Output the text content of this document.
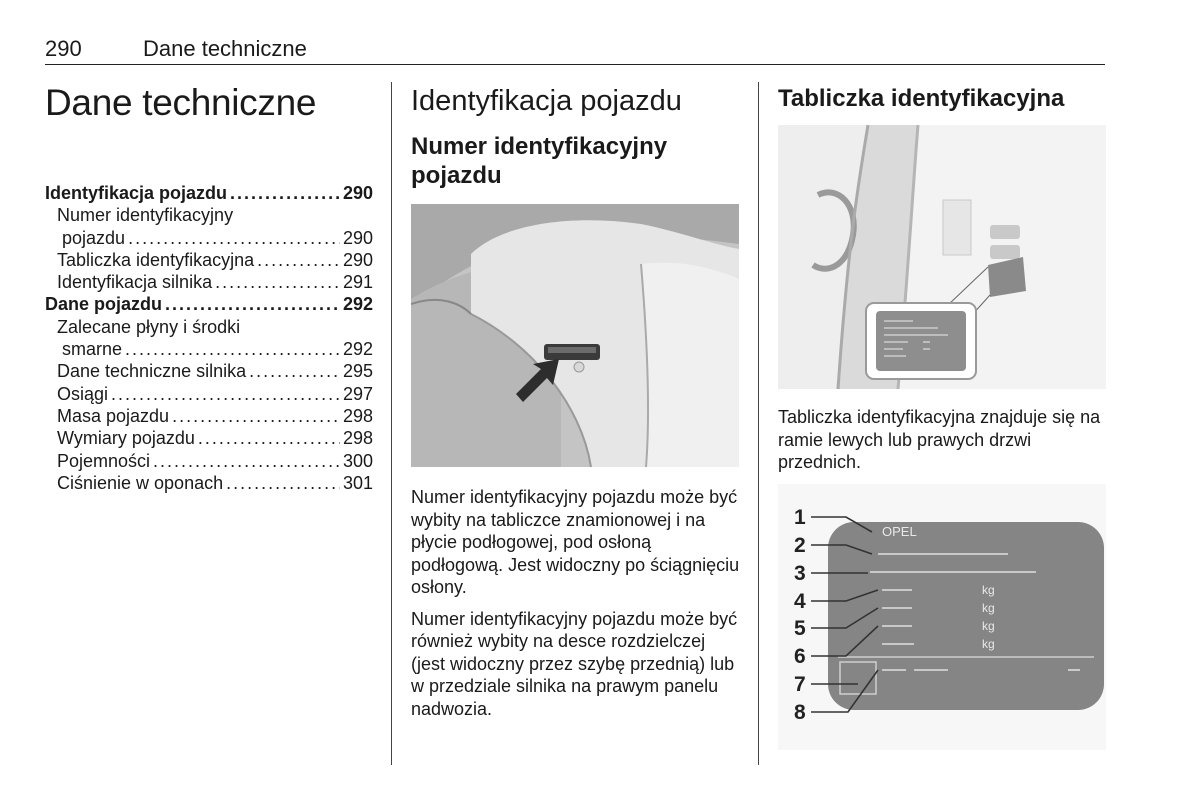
290	Dane techniczne
Dane techniczne
Identyfikacja pojazdu . . .	290
Numer identyfikacyjny
pojazdu . . .	290
Tabliczka identyfikacyjna . . .	290
Identyfikacja silnika . . .	291
Dane pojazdu . . .	292
Zalecane płyny i środki
smarne . . .	292
Dane techniczne silnika . . .	295
Osiągi . . .	297
Masa pojazdu . . .	298
Wymiary pojazdu . . .	298
Pojemności . . .	300
Ciśnienie w oponach . . .	301
Identyfikacja pojazdu
Numer identyfikacyjny pojazdu

Numer identyfikacyjny pojazdu może być wybity na tabliczce znamionowej i na płycie podłogowej, pod osłoną podłogową. Jest widoczny po ściągnięciu osłony.

Numer identyfikacyjny pojazdu może być również wybity na desce rozdzielczej (jest widoczny przez szybę przednią) lub w przedziale silnika na prawym panelu nadwozia.

Tabliczka identyfikacyjna

Tabliczka identyfikacyjna znajduje się na ramie lewych lub prawych drzwi przednich.

OPEL
kg
kg
kg
kg
1
2
3
4
5
6
7
8
